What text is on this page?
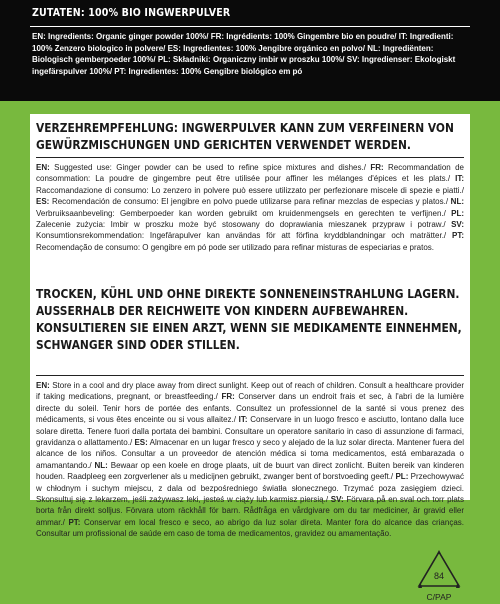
ZUTATEN: 100% BIO INGWERPULVER
EN: Ingredients: Organic ginger powder 100%/ FR: Ingrédients: 100% Gingembre bio en poudre/ IT: Ingredienti: 100% Zenzero biologico in polvere/ ES: Ingredientes: 100% Jengibre orgánico en polvo/ NL: Ingrediënten: Biologisch gemberpoeder 100%/ PL: Składniki: Organiczny imbir w proszku 100%/ SV: Ingredienser: Ekologiskt ingefärspulver 100%/ PT: Ingredientes: 100% Gengibre biológico em pó
VERZEHREMPFEHLUNG: INGWERPULVER KANN ZUM VERFEINERN VON GEWÜRZMISCHUNGEN UND GERICHTEN VERWENDET WERDEN.
EN: Suggested use: Ginger powder can be used to refine spice mixtures and dishes./ FR: Recommandation de consommation: La poudre de gingembre peut être utilisée pour affiner les mélanges d'épices et les plats./ IT: Raccomandazione di consumo: Lo zenzero in polvere può essere utilizzato per perfezionare miscele di spezie e piatti./ ES: Recomendación de consumo: El jengibre en polvo puede utilizarse para refinar mezclas de especias y platos./ NL: Verbruiksaanbeveling: Gemberpoeder kan worden gebruikt om kruidenmengsels en gerechten te verfijnen./ PL: Zalecenie zużycia: Imbir w proszku może być stosowany do doprawiania mieszanek przypraw i potraw./ SV: Konsumtionsrekommendation: Ingefärapulver kan användas för att förfina kryddblandningar och maträtter./ PT: Recomendação de consumo: O gengibre em pó pode ser utilizado para refinar misturas de especiarias e pratos.
TROCKEN, KÜHL UND OHNE DIREKTE SONNENEINSTRAHLUNG LAGERN. AUSSERHALB DER REICHWEITE VON KINDERN AUFBEWAHREN. KONSULTIEREN SIE EINEN ARZT, WENN SIE MEDIKAMENTE EINNEHMEN, SCHWANGER SIND ODER STILLEN.
EN: Store in a cool and dry place away from direct sunlight. Keep out of reach of children. Consult a healthcare provider if taking medications, pregnant, or breastfeeding./ FR: Conserver dans un endroit frais et sec, à l'abri de la lumière directe du soleil. Tenir hors de portée des enfants. Consultez un professionnel de la santé si vous prenez des médicaments, si vous êtes enceinte ou si vous allaitez./ IT: Conservare in un luogo fresco e asciutto, lontano dalla luce solare diretta. Tenere fuori dalla portata dei bambini. Consultare un operatore sanitario in caso di assunzione di farmaci, gravidanza o allattamento./ ES: Almacenar en un lugar fresco y seco y alejado de la luz solar directa. Mantener fuera del alcance de los niños. Consultar a un proveedor de atención médica si toma medicamentos, está embarazada o amamantando./ NL: Bewaar op een koele en droge plaats, uit de buurt van direct zonlicht. Buiten bereik van kinderen houden. Raadpleeg een zorgverlener als u medicijnen gebruikt, zwanger bent of borstvoeding geeft./ PL: Przechowywać w chłodnym i suchym miejscu, z dala od bezpośredniego światła słonecznego. Trzymać poza zasięgiem dzieci. Skonsultuj się z lekarzem, jeśli zażywasz leki, jesteś w ciąży lub karmisz piersią./ SV: Förvara på en sval och torr plats borta från direkt solljus. Förvara utom räckhåll för barn. Rådfråga en vårdgivare om du tar mediciner, är gravid eller ammar./ PT: Conservar em local fresco e seco, ao abrigo da luz solar direta. Manter fora do alcance das crianças. Consultar um profissional de saúde em caso de toma de medicamentos, gravidez ou amamentação.
84
C/PAP
